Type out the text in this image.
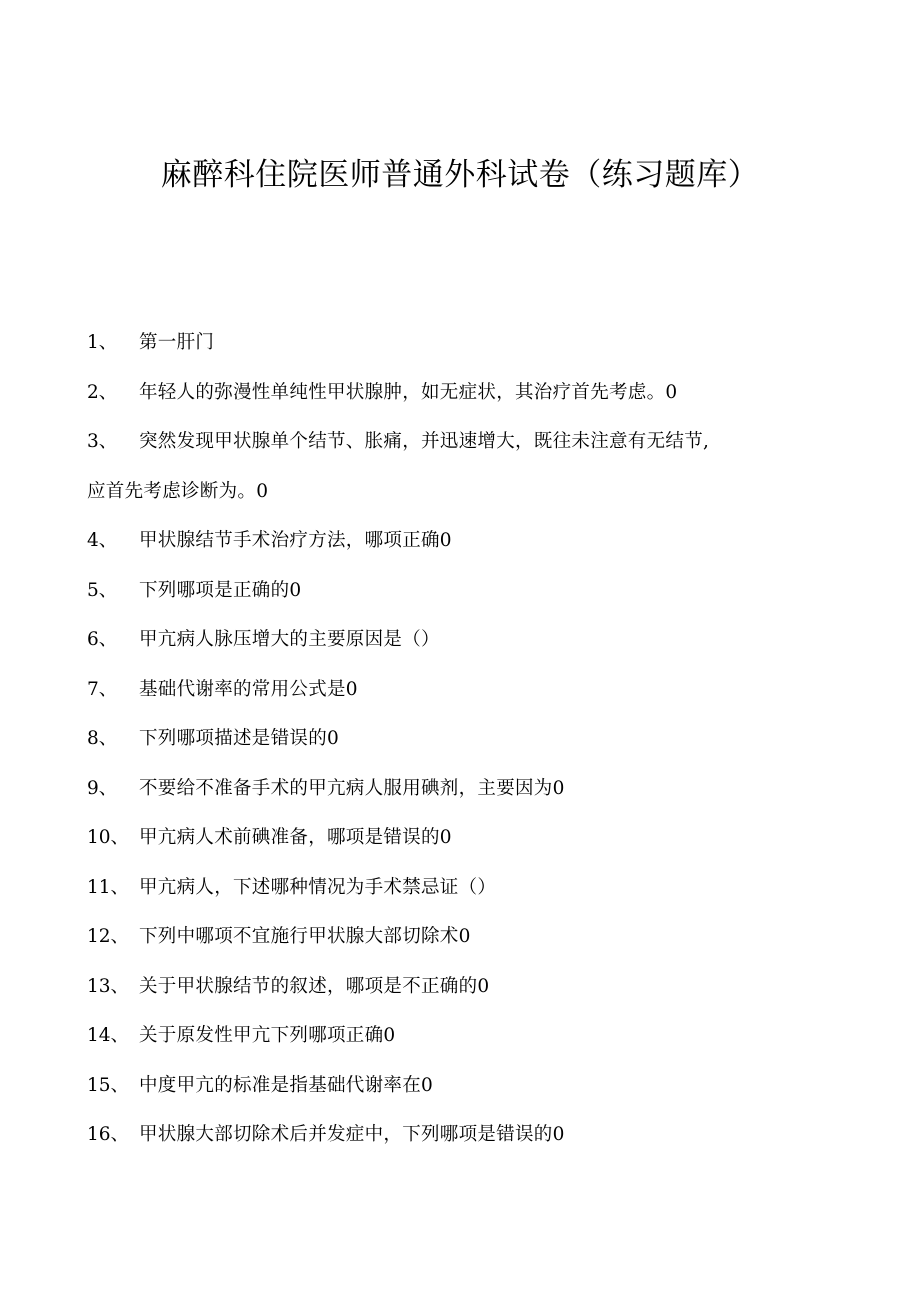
麻醉科住院医师普通外科试卷（练习题库）
1、 第一肝门
2、 年轻人的弥漫性单纯性甲状腺肿，如无症状，其治疗首先考虑。0
3、 突然发现甲状腺单个结节、胀痛，并迅速增大，既往未注意有无结节,
应首先考虑诊断为。0
4、 甲状腺结节手术治疗方法，哪项正确0
5、 下列哪项是正确的0
6、 甲亢病人脉压增大的主要原因是（）
7、 基础代谢率的常用公式是0
8、 下列哪项描述是错误的0
9、 不要给不准备手术的甲亢病人服用碘剂，主要因为0
10、 甲亢病人术前碘准备，哪项是错误的0
11、 甲亢病人，下述哪种情况为手术禁忌证（）
12、 下列中哪项不宜施行甲状腺大部切除术0
13、 关于甲状腺结节的叙述，哪项是不正确的0
14、 关于原发性甲亢下列哪项正确0
15、 中度甲亢的标准是指基础代谢率在0
16、 甲状腺大部切除术后并发症中，下列哪项是错误的0
